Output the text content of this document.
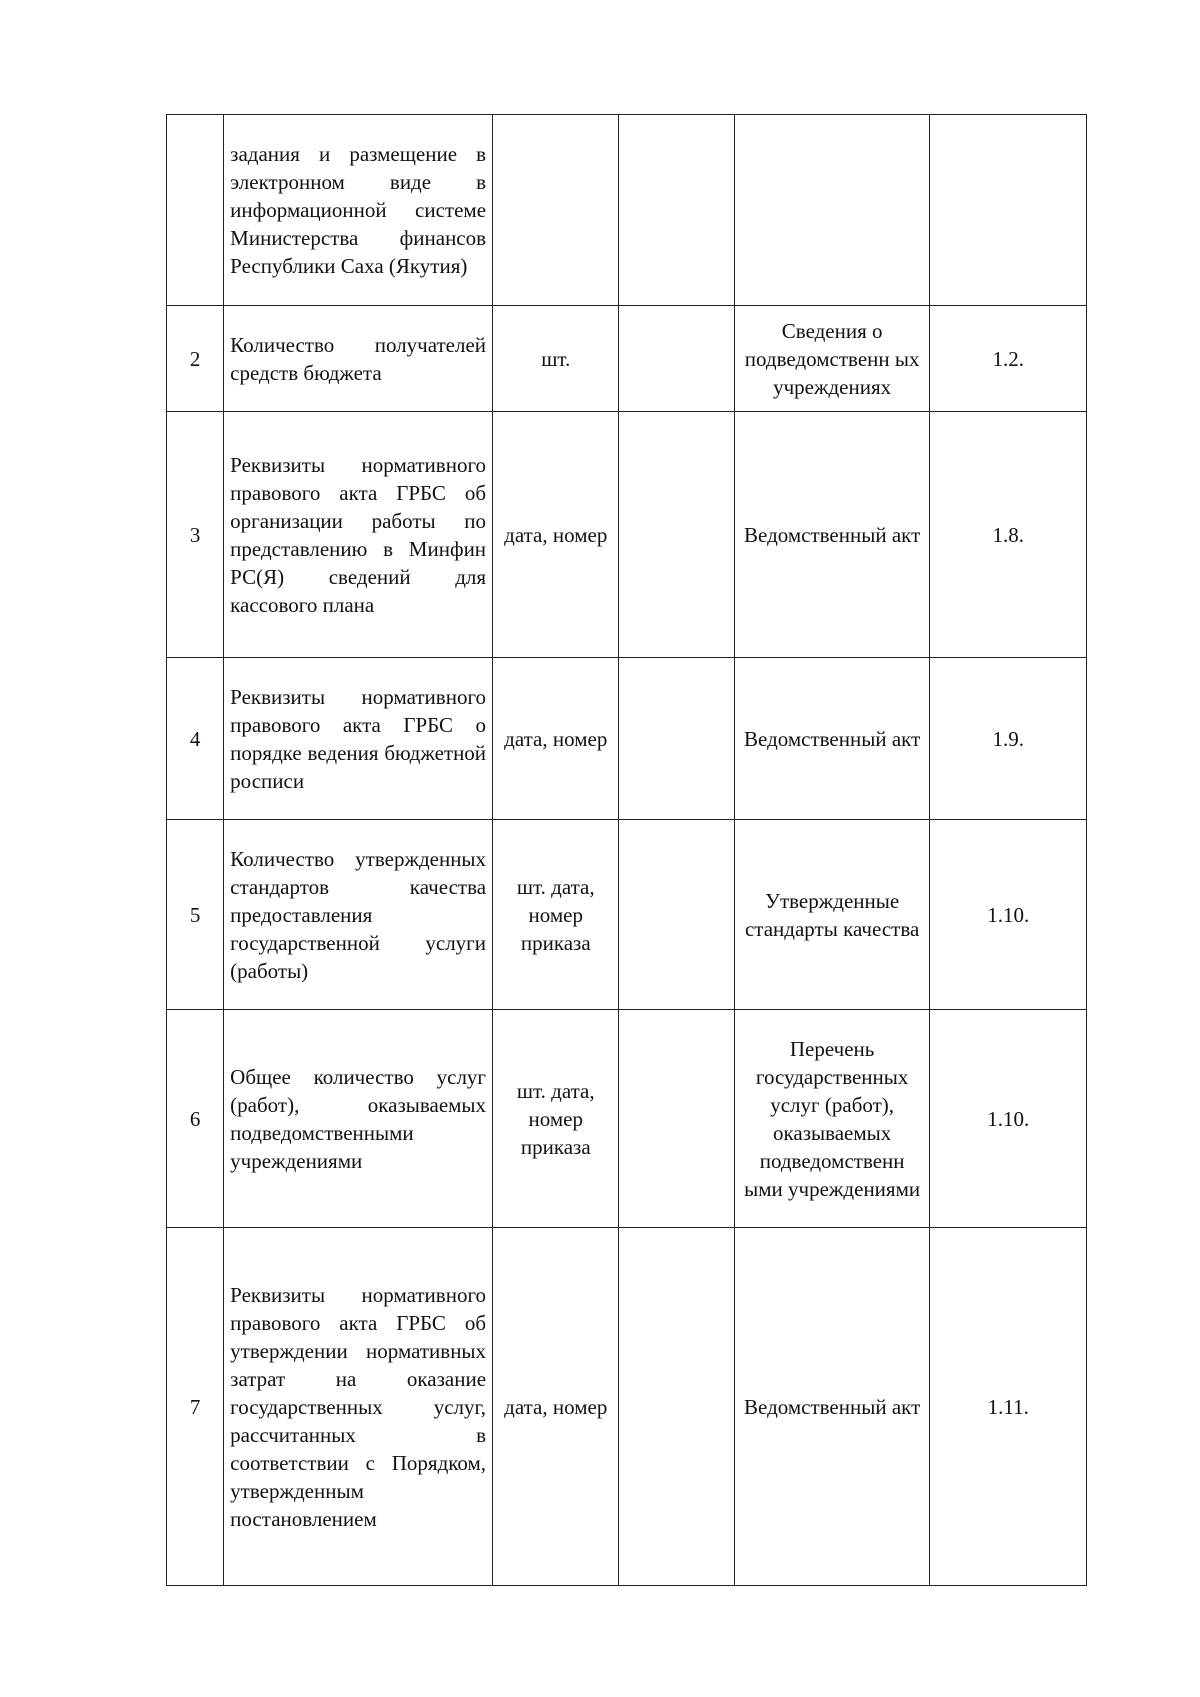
	задания и размещение в электронном виде в информационной системе Министерства финансов Республики Саха (Якутия)				
2	Количество получателей средств бюджета	шт.		Сведения о подведомственн ых учреждениях	1.2.
3	Реквизиты нормативного правового акта ГРБС об организации работы по представлению в Минфин РС(Я) сведений для кассового плана	дата, номер		Ведомственный акт	1.8.
4	Реквизиты нормативного правового акта ГРБС о порядке ведения бюджетной росписи	дата, номер		Ведомственный акт	1.9.
5	Количество утвержденных стандартов качества предоставления государственной услуги (работы)	шт. дата, номер приказа		Утвержденные стандарты качества	1.10.
6	Общее количество услуг (работ), оказываемых подведомственными учреждениями	шт. дата, номер приказа		Перечень государственных услуг (работ), оказываемых подведомственн ыми учреждениями	1.10.
7	Реквизиты нормативного правового акта ГРБС об утверждении нормативных затрат на оказание государственных услуг, рассчитанных в соответствии с Порядком, утвержденным постановлением	дата, номер		Ведомственный акт	1.11.
